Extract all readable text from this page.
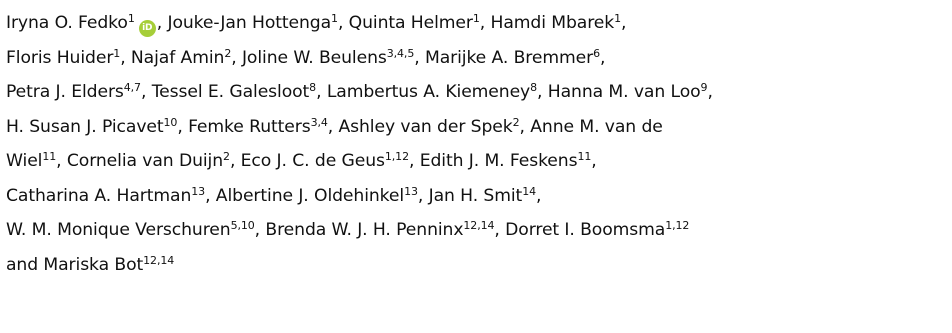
Iryna O. Fedko$^1$iD , Jouke-Jan Hottenga$^1$, Quinta Helmer$^1$, Hamdi Mbarek$^1$,
Floris Huider$^1$, Najaf Amin$^2$, Joline W. Beulens$^{3,4,5}$, Marijke A. Bremmer$^6$,
Petra J. Elders$^{4,7}$, Tessel E. Galesloot$^8$, Lambertus A. Kiemeney$^8$, Hanna M. van Loo$^9$,
H. Susan J. Picavet$^{10}$, Femke Rutters$^{3,4}$, Ashley van der Spek$^2$, Anne M. van de
Wiel$^{11}$, Cornelia van Duijn$^2$, Eco J. C. de Geus$^{1,12}$, Edith J. M. Feskens$^{11}$,
Catharina A. Hartman$^{13}$, Albertine J. Oldehinkel$^{13}$, Jan H. Smit$^{14}$,
W. M. Monique Verschuren$^{5,10}$, Brenda W. J. H. Penninx$^{12,14}$, Dorret I. Boomsma$^{1,12}$
and Mariska Bot$^{12,14}$
